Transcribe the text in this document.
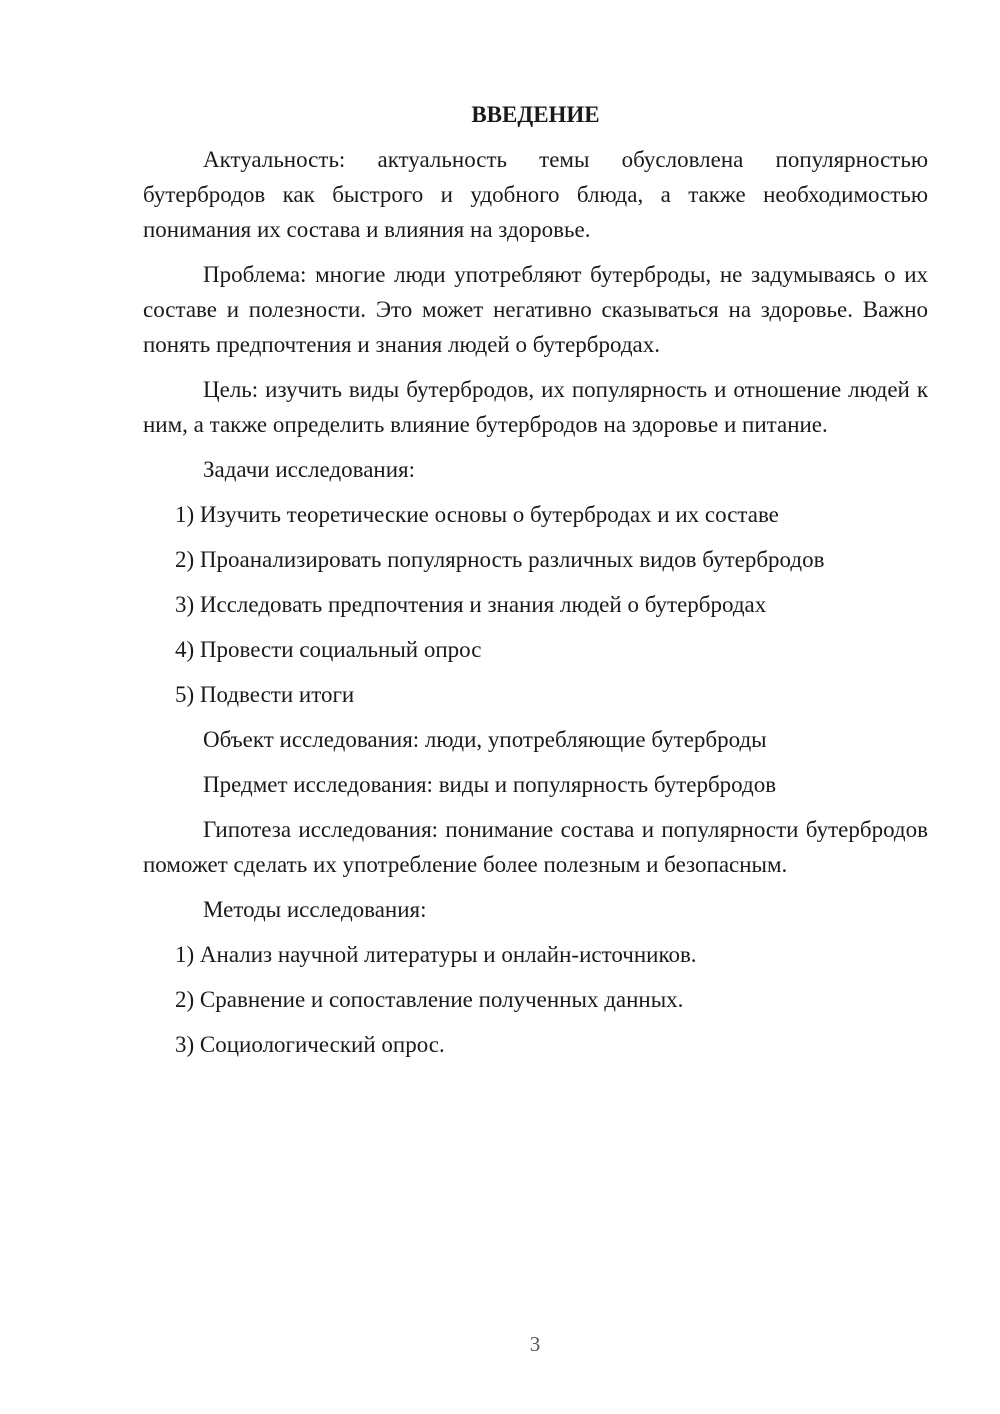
ВВЕДЕНИЕ

Актуальность: актуальность темы обусловлена популярностью бутербродов как быстрого и удобного блюда, а также необходимостью понимания их состава и влияния на здоровье.

Проблема: многие люди употребляют бутерброды, не задумываясь о их составе и полезности. Это может негативно сказываться на здоровье. Важно понять предпочтения и знания людей о бутербродах.

Цель: изучить виды бутербродов, их популярность и отношение людей к ним, а также определить влияние бутербродов на здоровье и питание.

Задачи исследования:

1) Изучить теоретические основы о бутербродах и их составе
2) Проанализировать популярность различных видов бутербродов
3) Исследовать предпочтения и знания людей о бутербродах
4) Провести социальный опрос
5) Подвести итоги

Объект исследования: люди, употребляющие бутерброды

Предмет исследования: виды и популярность бутербродов

Гипотеза исследования: понимание состава и популярности бутербродов поможет сделать их употребление более полезным и безопасным.

Методы исследования:

1) Анализ научной литературы и онлайн-источников.
2) Сравнение и сопоставление полученных данных.
3) Социологический опрос.
3
